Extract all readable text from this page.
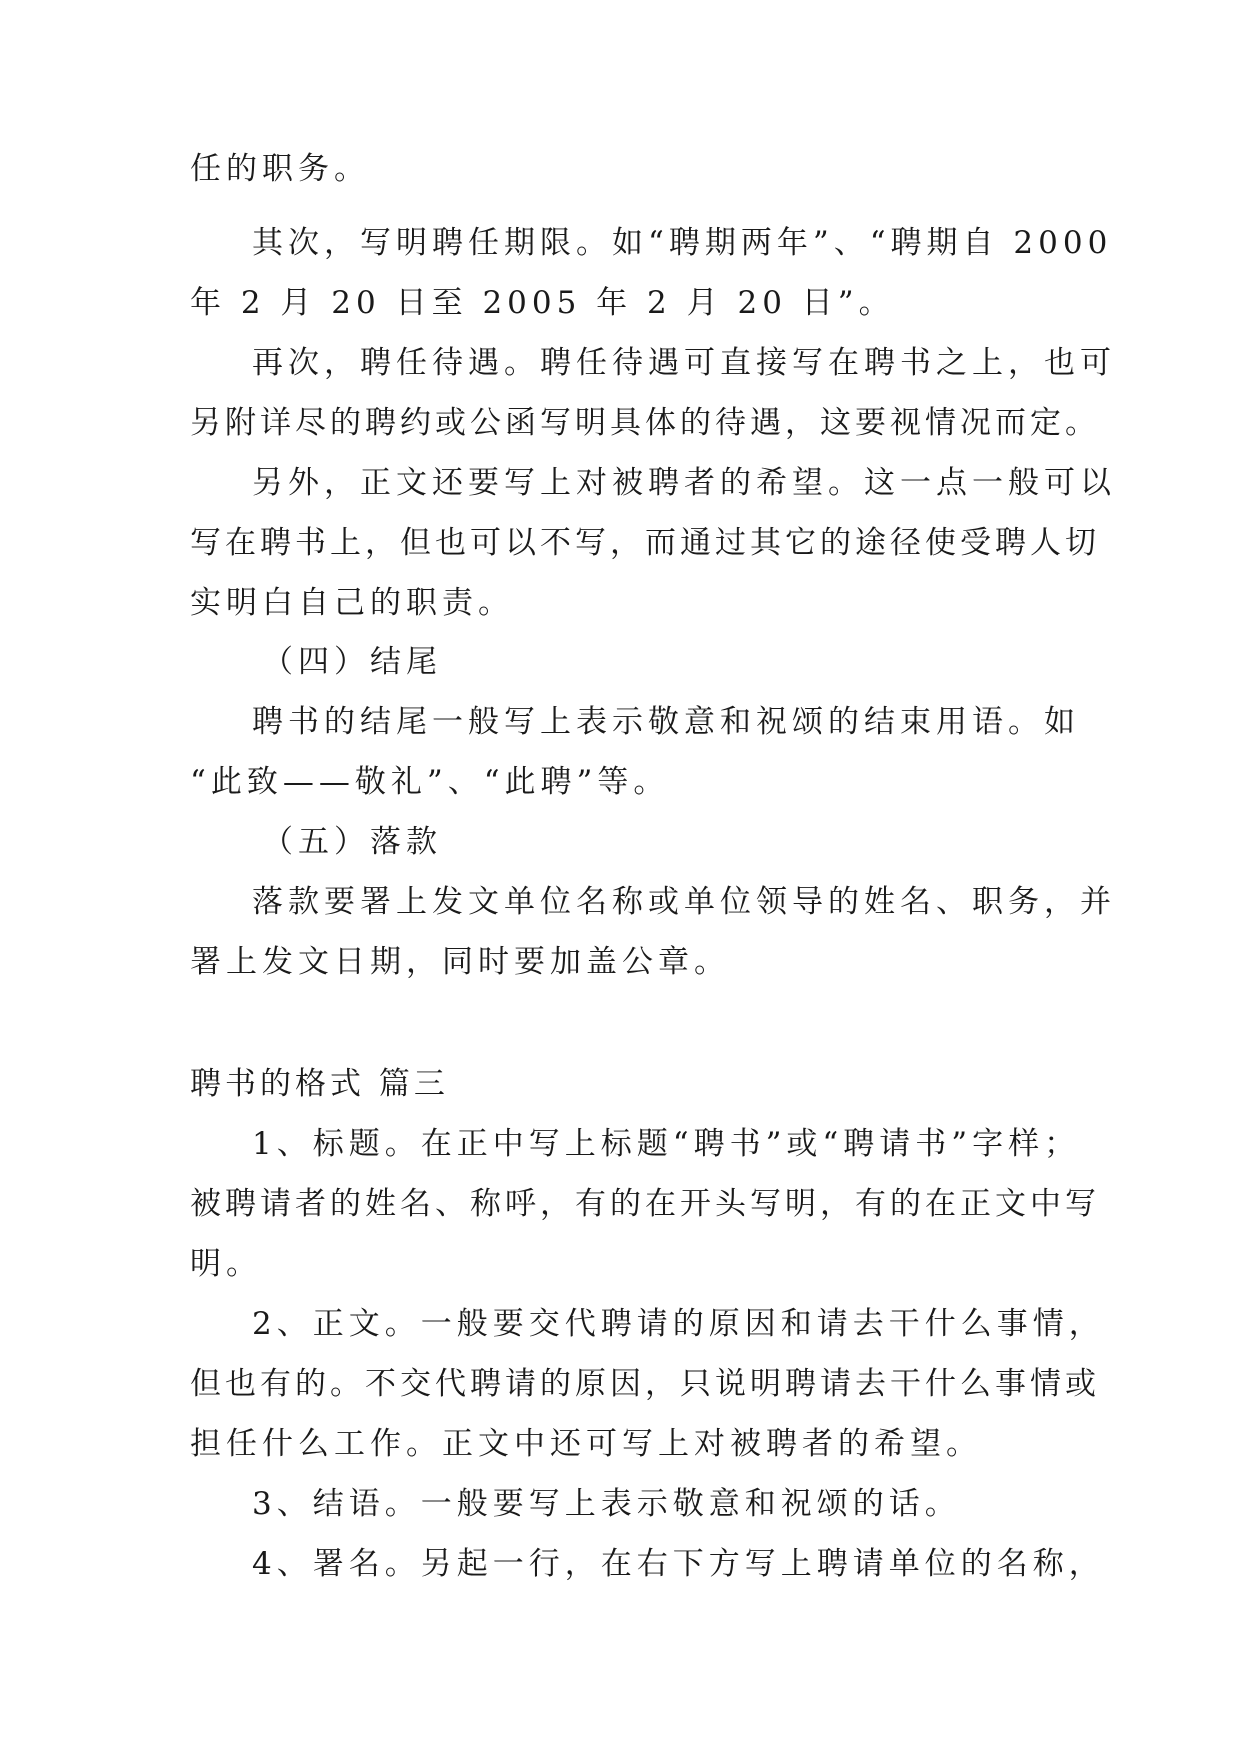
任的职务。
其次，写明聘任期限。如“聘期两年”、“聘期自 2000
年 2 月 20 日至 2005 年 2 月 20 日”。
再次，聘任待遇。聘任待遇可直接写在聘书之上，也可
另附详尽的聘约或公函写明具体的待遇，这要视情况而定。
另外，正文还要写上对被聘者的希望。这一点一般可以
写在聘书上，但也可以不写，而通过其它的途径使受聘人切
实明白自己的职责。
（四）结尾
聘书的结尾一般写上表示敬意和祝颂的结束用语。如
“此致——敬礼”、“此聘”等。
（五）落款
落款要署上发文单位名称或单位领导的姓名、职务，并
署上发文日期，同时要加盖公章。
聘书的格式 篇三
1、标题。在正中写上标题“聘书”或“聘请书”字样；
被聘请者的姓名、称呼，有的在开头写明，有的在正文中写
明。
2、正文。一般要交代聘请的原因和请去干什么事情，
但也有的。不交代聘请的原因，只说明聘请去干什么事情或
担任什么工作。正文中还可写上对被聘者的希望。
3、结语。一般要写上表示敬意和祝颂的话。
4、署名。另起一行，在右下方写上聘请单位的名称，
